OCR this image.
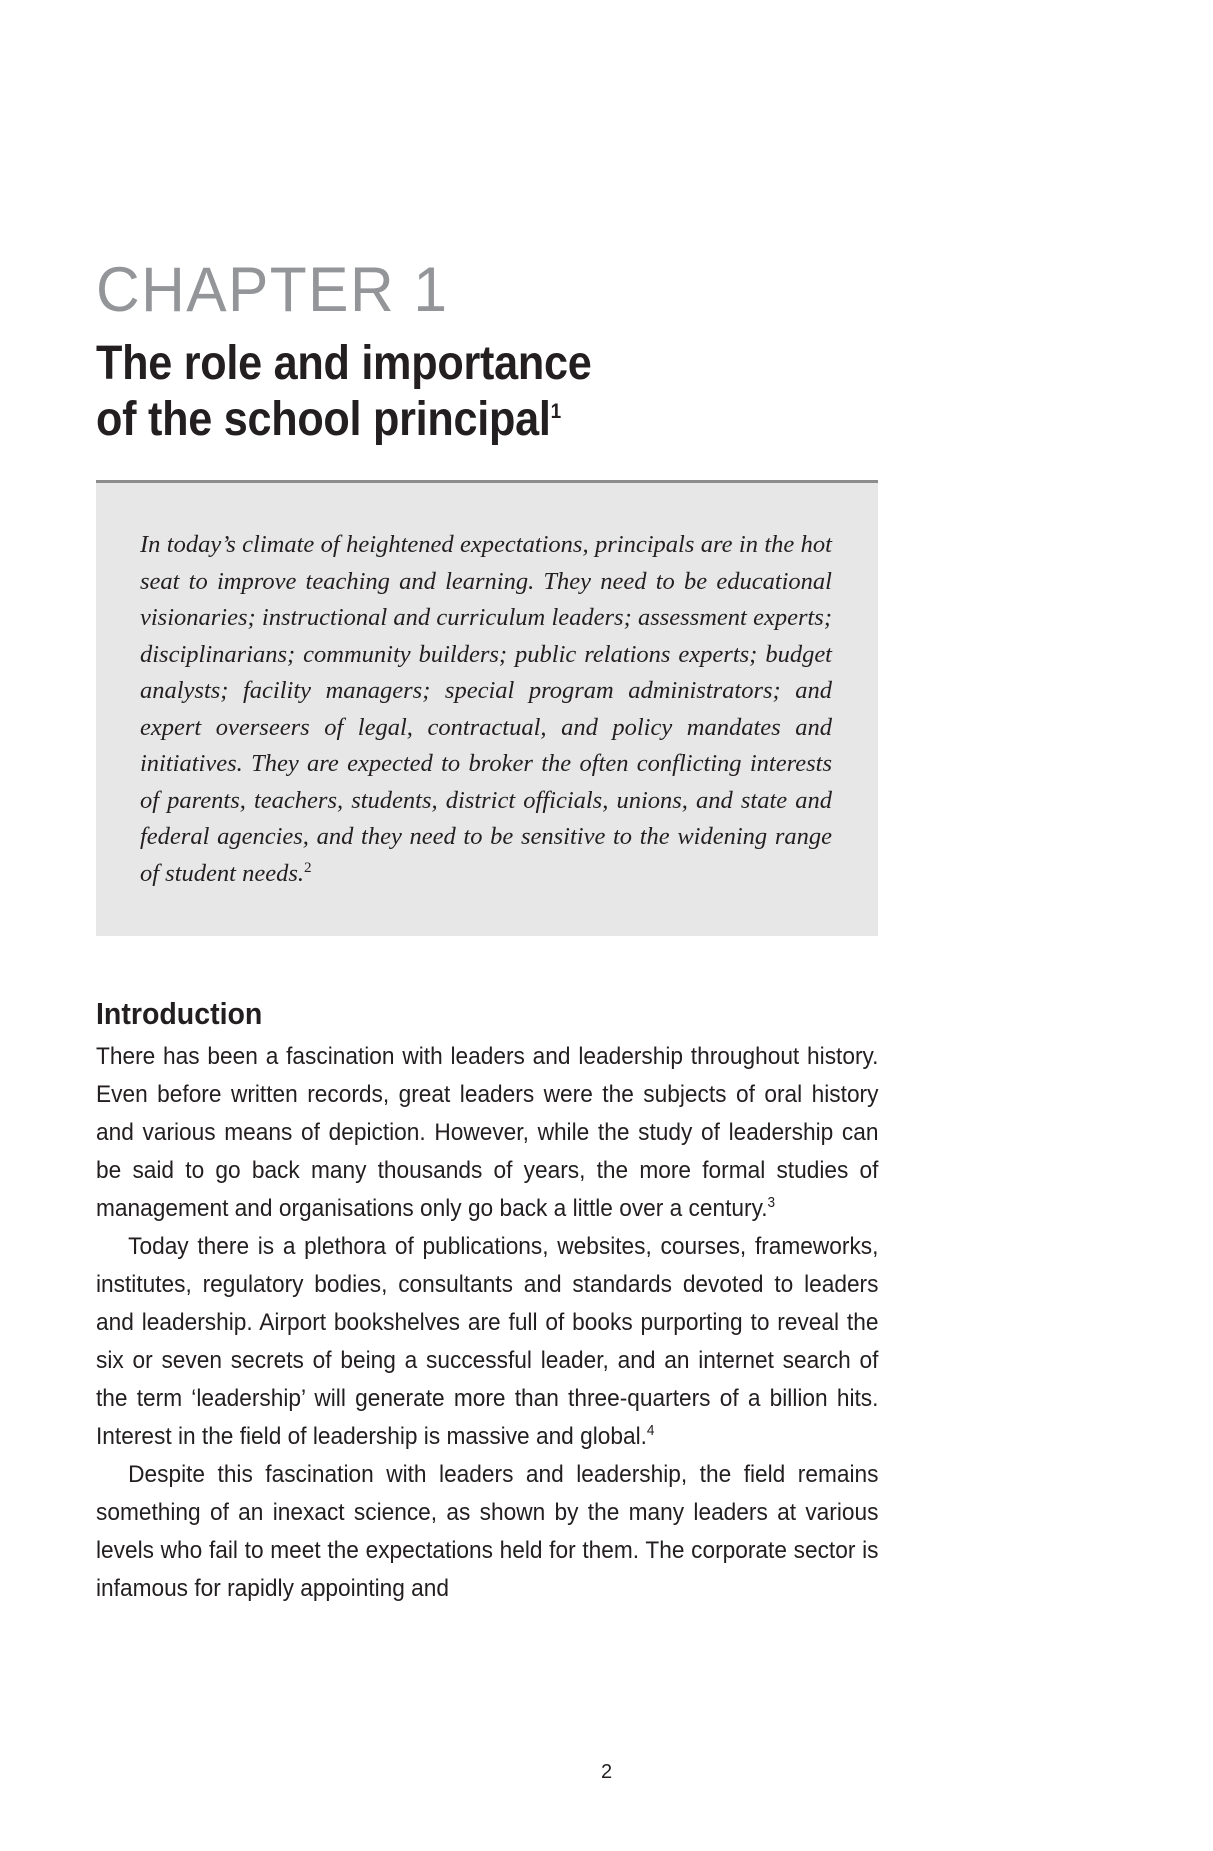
CHAPTER 1
The role and importance
of the school principal$^1$

In today’s climate of heightened expectations, principals are in the hot seat to improve teaching and learning. They need to be educational visionaries; instructional and curriculum leaders; assessment experts; disciplinarians; community builders; public relations experts; budget analysts; facility managers; special program administrators; and expert overseers of legal, contractual, and policy mandates and initiatives. They are expected to broker the often conflicting interests of parents, teachers, students, district officials, unions, and state and federal agencies, and they need to be sensitive to the widening range of student needs.$^2$

Introduction

There has been a fascination with leaders and leadership throughout history. Even before written records, great leaders were the subjects of oral history and various means of depiction. However, while the study of leadership can be said to go back many thousands of years, the more formal studies of management and organisations only go back a little over a century.$^3$

Today there is a plethora of publications, websites, courses, frameworks, institutes, regulatory bodies, consultants and standards devoted to leaders and leadership. Airport bookshelves are full of books purporting to reveal the six or seven secrets of being a successful leader, and an internet search of the term ‘leadership’ will generate more than three-quarters of a billion hits. Interest in the field of leadership is massive and global.$^4$

Despite this fascination with leaders and leadership, the field remains something of an inexact science, as shown by the many leaders at various levels who fail to meet the expectations held for them. The corporate sector is infamous for rapidly appointing and

2
